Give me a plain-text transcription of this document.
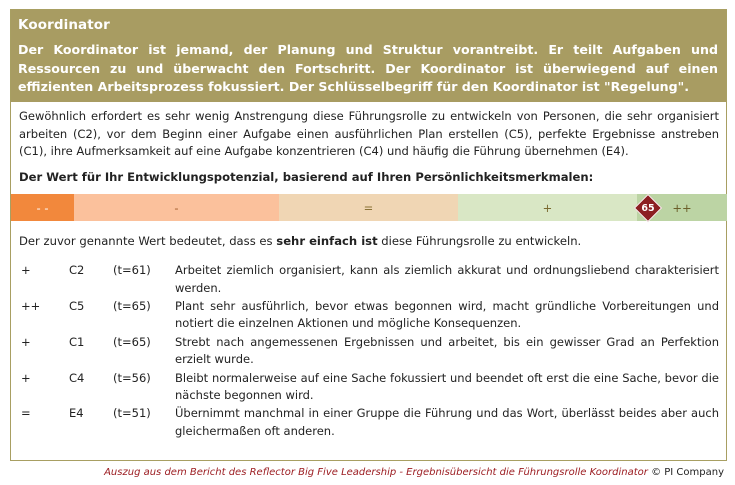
Koordinator
Der Koordinator ist jemand, der Planung und Struktur vorantreibt. Er teilt Aufgaben und Ressourcen zu und überwacht den Fortschritt. Der Koordinator ist überwiegend auf einen effizienten Arbeitsprozess fokussiert. Der Schlüsselbegriff für den Koordinator ist "Regelung".
Gewöhnlich erfordert es sehr wenig Anstrengung diese Führungsrolle zu entwickeln von Personen, die sehr organisiert arbeiten (C2), vor dem Beginn einer Aufgabe einen ausführlichen Plan erstellen (C5), perfekte Ergebnisse anstreben (C1), ihre Aufmerksamkeit auf eine Aufgabe konzentrieren (C4) und häufig die Führung übernehmen (E4).
Der Wert für Ihr Entwicklungspotenzial, basierend auf Ihren Persönlichkeitsmerkmalen:
- -	-	=	+	++
65
Der zuvor genannte Wert bedeutet, dass es sehr einfach ist diese Führungsrolle zu entwickeln.
+	C2	(t=61)	Arbeitet ziemlich organisiert, kann als ziemlich akkurat und ordnungsliebend charakterisiert werden.
++	C5	(t=65)	Plant sehr ausführlich, bevor etwas begonnen wird, macht gründliche Vorbereitungen und notiert die einzelnen Aktionen und mögliche Konsequenzen.
+	C1	(t=65)	Strebt nach angemessenen Ergebnissen und arbeitet, bis ein gewisser Grad an Perfektion erzielt wurde.
+	C4	(t=56)	Bleibt normalerweise auf eine Sache fokussiert und beendet oft erst die eine Sache, bevor die nächste begonnen wird.
=	E4	(t=51)	Übernimmt manchmal in einer Gruppe die Führung und das Wort, überlässt beides aber auch gleichermaßen oft anderen.
Auszug aus dem Bericht des Reflector Big Five Leadership - Ergebnisübersicht die Führungsrolle Koordinator © PI Company
